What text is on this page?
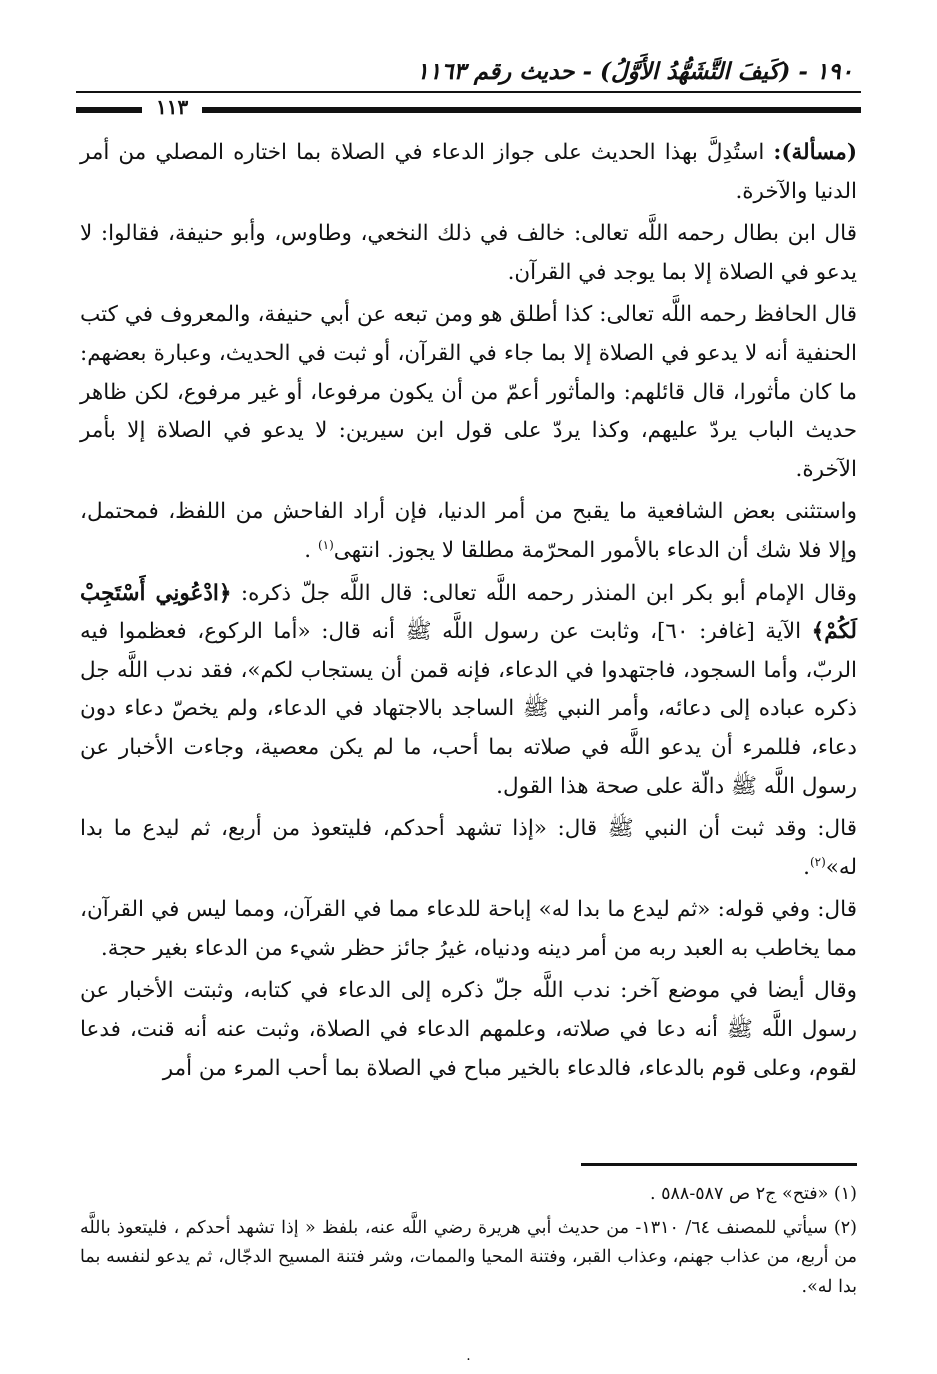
١٩٠ - (كَيفَ التَّشَهُّدُ الأَوَّلُ) - حديث رقم ١١٦٣
١١٣

(مسألة): استُدِلَّ بهذا الحديث على جواز الدعاء في الصلاة بما اختاره المصلي من أمر الدنيا والآخرة.

قال ابن بطال رحمه اللَّه تعالى: خالف في ذلك النخعي، وطاوس، وأبو حنيفة، فقالوا: لا يدعو في الصلاة إلا بما يوجد في القرآن.

قال الحافظ رحمه اللَّه تعالى: كذا أطلق هو ومن تبعه عن أبي حنيفة، والمعروف في كتب الحنفية أنه لا يدعو في الصلاة إلا بما جاء في القرآن، أو ثبت في الحديث، وعبارة بعضهم: ما كان مأثورا، قال قائلهم: والمأثور أعمّ من أن يكون مرفوعا، أو غير مرفوع، لكن ظاهر حديث الباب يردّ عليهم، وكذا يردّ على قول ابن سيرين: لا يدعو في الصلاة إلا بأمر الآخرة.

واستثنى بعض الشافعية ما يقبح من أمر الدنيا، فإن أراد الفاحش من اللفظ، فمحتمل، وإلا فلا شك أن الدعاء بالأمور المحرّمة مطلقا لا يجوز. انتهى$^{(١)}$ .

وقال الإمام أبو بكر ابن المنذر رحمه اللَّه تعالى: قال اللَّه جلّ ذكره: ﴿ادْعُونِي أَسْتَجِبْ لَكُمْ﴾ الآية [غافر: ٦٠]، وثابت عن رسول اللَّه ﷺ أنه قال: «أما الركوع، فعظموا فيه الربّ، وأما السجود، فاجتهدوا في الدعاء، فإنه قمن أن يستجاب لكم»، فقد ندب اللَّه جل ذكره عباده إلى دعائه، وأمر النبي ﷺ الساجد بالاجتهاد في الدعاء، ولم يخصّ دعاء دون دعاء، فللمرء أن يدعو اللَّه في صلاته بما أحب، ما لم يكن معصية، وجاءت الأخبار عن رسول اللَّه ﷺ دالّة على صحة هذا القول.

قال: وقد ثبت أن النبي ﷺ قال: «إذا تشهد أحدكم، فليتعوذ من أربع، ثم ليدع ما بدا له»$^{(٢)}$.

قال: وفي قوله: «ثم ليدع ما بدا له» إباحة للدعاء مما في القرآن، ومما ليس في القرآن، مما يخاطب به العبد ربه من أمر دينه ودنياه، غيرُ جائز حظر شيء من الدعاء بغير حجة.

وقال أيضا في موضع آخر: ندب اللَّه جلّ ذكره إلى الدعاء في كتابه، وثبتت الأخبار عن رسول اللَّه ﷺ أنه دعا في صلاته، وعلمهم الدعاء في الصلاة، وثبت عنه أنه قنت، فدعا لقوم، وعلى قوم بالدعاء، فالدعاء بالخير مباح في الصلاة بما أحب المرء من أمر

(١) «فتح» ج٢ ص ٥٨٧-٥٨٨ .

(٢) سيأتي للمصنف ٦٤/ ١٣١٠- من حديث أبي هريرة رضي اللَّه عنه، بلفظ « إذا تشهد أحدكم ، فليتعوذ باللَّه من أربع، من عذاب جهنم، وعذاب القبر، وفتنة المحيا والممات، وشر فتنة المسيح الدجّال، ثم يدعو لنفسه بما بدا له».

·
